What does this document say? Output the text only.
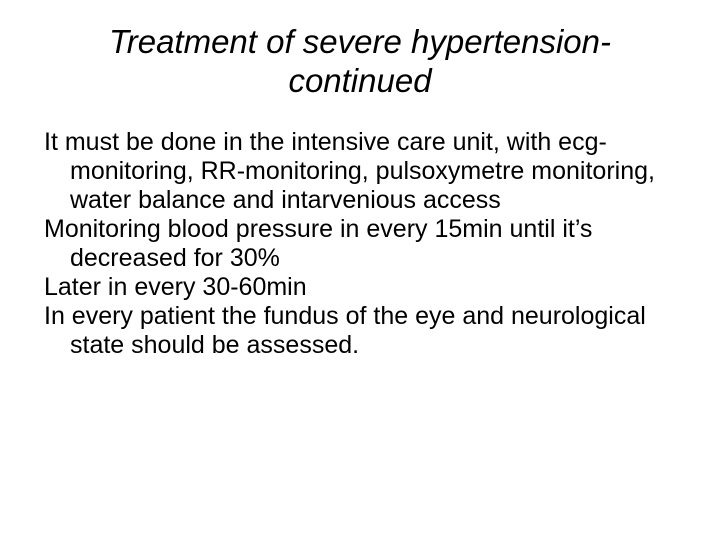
Treatment of severe hypertension-
continued
It must be done in the intensive care unit, with ecg-monitoring, RR-monitoring, pulsoxymetre monitoring, water balance and intarvenious access
Monitoring blood pressure in every 15min until it’s decreased for 30%
Later in every 30-60min
In every patient the fundus of the eye and neurological state should be assessed.
